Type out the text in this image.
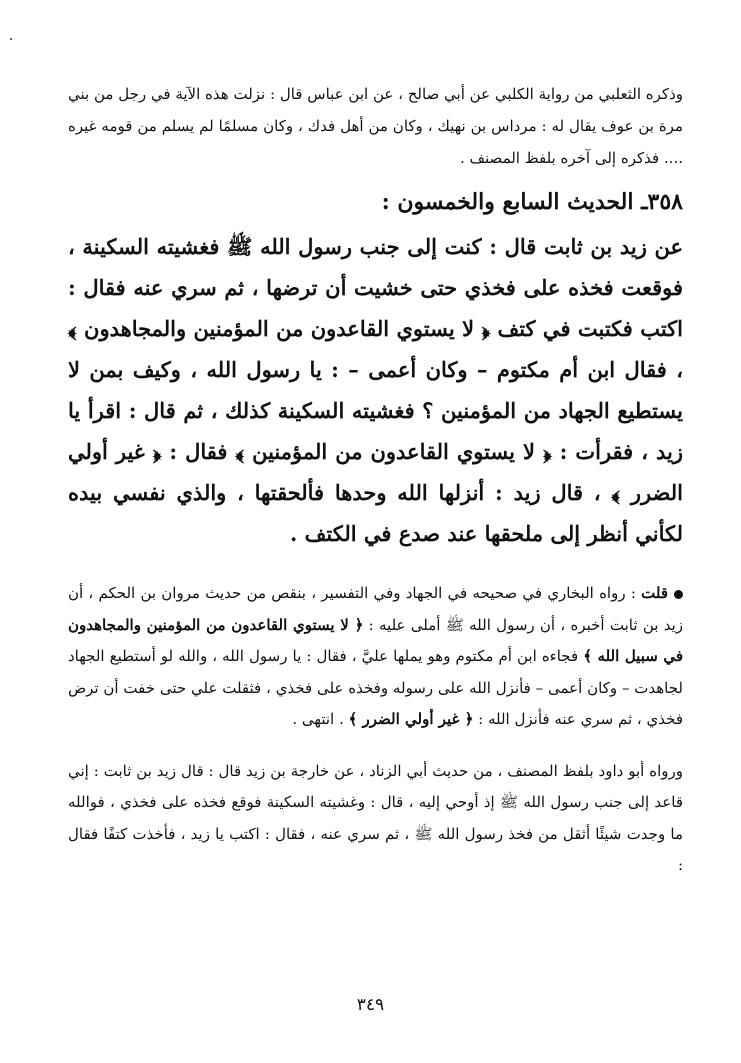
وذكره الثعلبي من رواية الكلبي عن أبي صالح ، عن ابن عباس قال : نزلت هذه الآية في رجل من بني مرة بن عوف يقال له : مرداس بن نهيك ، وكان من أهل فدك ، وكان مسلمًا لم يسلم من قومه غيره .... فذكره إلى آخره بلفظ المصنف .

٣٥٨ـ الحديث السابع والخمسون :

عن زيد بن ثابت قال : كنت إلى جنب رسول الله ﷺ فغشيته السكينة ، فوقعت فخذه على فخذي حتى خشيت أن ترضها ، ثم سري عنه فقال : اكتب فكتبت في كتف ﴿ لا يستوي القاعدون من المؤمنين والمجاهدون ﴾ ، فقال ابن أم مكتوم – وكان أعمى – : يا رسول الله ، وكيف بمن لا يستطيع الجهاد من المؤمنين ؟ فغشيته السكينة كذلك ، ثم قال : اقرأ يا زيد ، فقرأت : ﴿ لا يستوي القاعدون من المؤمنين ﴾ فقال : ﴿ غير أولي الضرر ﴾ ، قال زيد : أنزلها الله وحدها فألحقتها ، والذي نفسي بيده لكأني أنظر إلى ملحقها عند صدع في الكتف .

قلت : رواه البخاري في صحيحه في الجهاد وفي التفسير ، بنقص من حديث مروان بن الحكم ، أن زيد بن ثابت أخبره ، أن رسول الله ﷺ أملى عليه : ﴿ لا يستوي القاعدون من المؤمنين والمجاهدون في سبيل الله ﴾ فجاءه ابن أم مكتوم وهو يملها عليَّ ، فقال : يا رسول الله ، والله لو أستطيع الجهاد لجاهدت – وكان أعمى – فأنزل الله على رسوله وفخذه على فخذي ، فثقلت علي حتى خفت أن ترض فخذي ، ثم سري عنه فأنزل الله : ﴿ غير أولي الضرر ﴾ . انتهى .

ورواه أبو داود بلفظ المصنف ، من حديث أبي الزناد ، عن خارجة بن زيد قال : قال زيد بن ثابت : إني قاعد إلى جنب رسول الله ﷺ إذ أوحي إليه ، قال : وغشيته السكينة فوقع فخذه على فخذي ، فوالله ما وجدت شيئًا أثقل من فخذ رسول الله ﷺ ، ثم سري عنه ، فقال : اكتب يا زيد ، فأخذت كتفًا فقال :

٣٤٩
